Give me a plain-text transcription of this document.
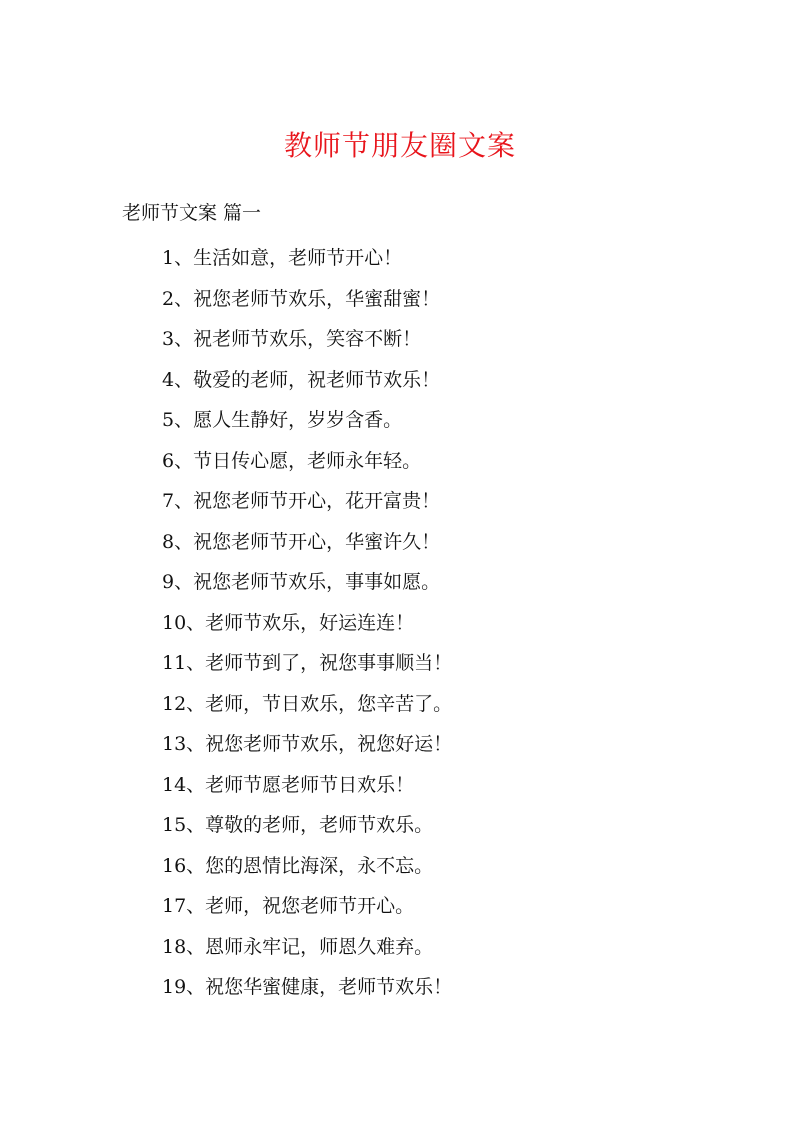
教师节朋友圈文案
老师节文案 篇一
1、生活如意，老师节开心！
2、祝您老师节欢乐，华蜜甜蜜！
3、祝老师节欢乐，笑容不断！
4、敬爱的老师，祝老师节欢乐！
5、愿人生静好，岁岁含香。
6、节日传心愿，老师永年轻。
7、祝您老师节开心，花开富贵！
8、祝您老师节开心，华蜜许久！
9、祝您老师节欢乐，事事如愿。
10、老师节欢乐，好运连连！
11、老师节到了，祝您事事顺当！
12、老师，节日欢乐，您辛苦了。
13、祝您老师节欢乐，祝您好运！
14、老师节愿老师节日欢乐！
15、尊敬的老师，老师节欢乐。
16、您的恩情比海深，永不忘。
17、老师，祝您老师节开心。
18、恩师永牢记，师恩久难弃。
19、祝您华蜜健康，老师节欢乐！
